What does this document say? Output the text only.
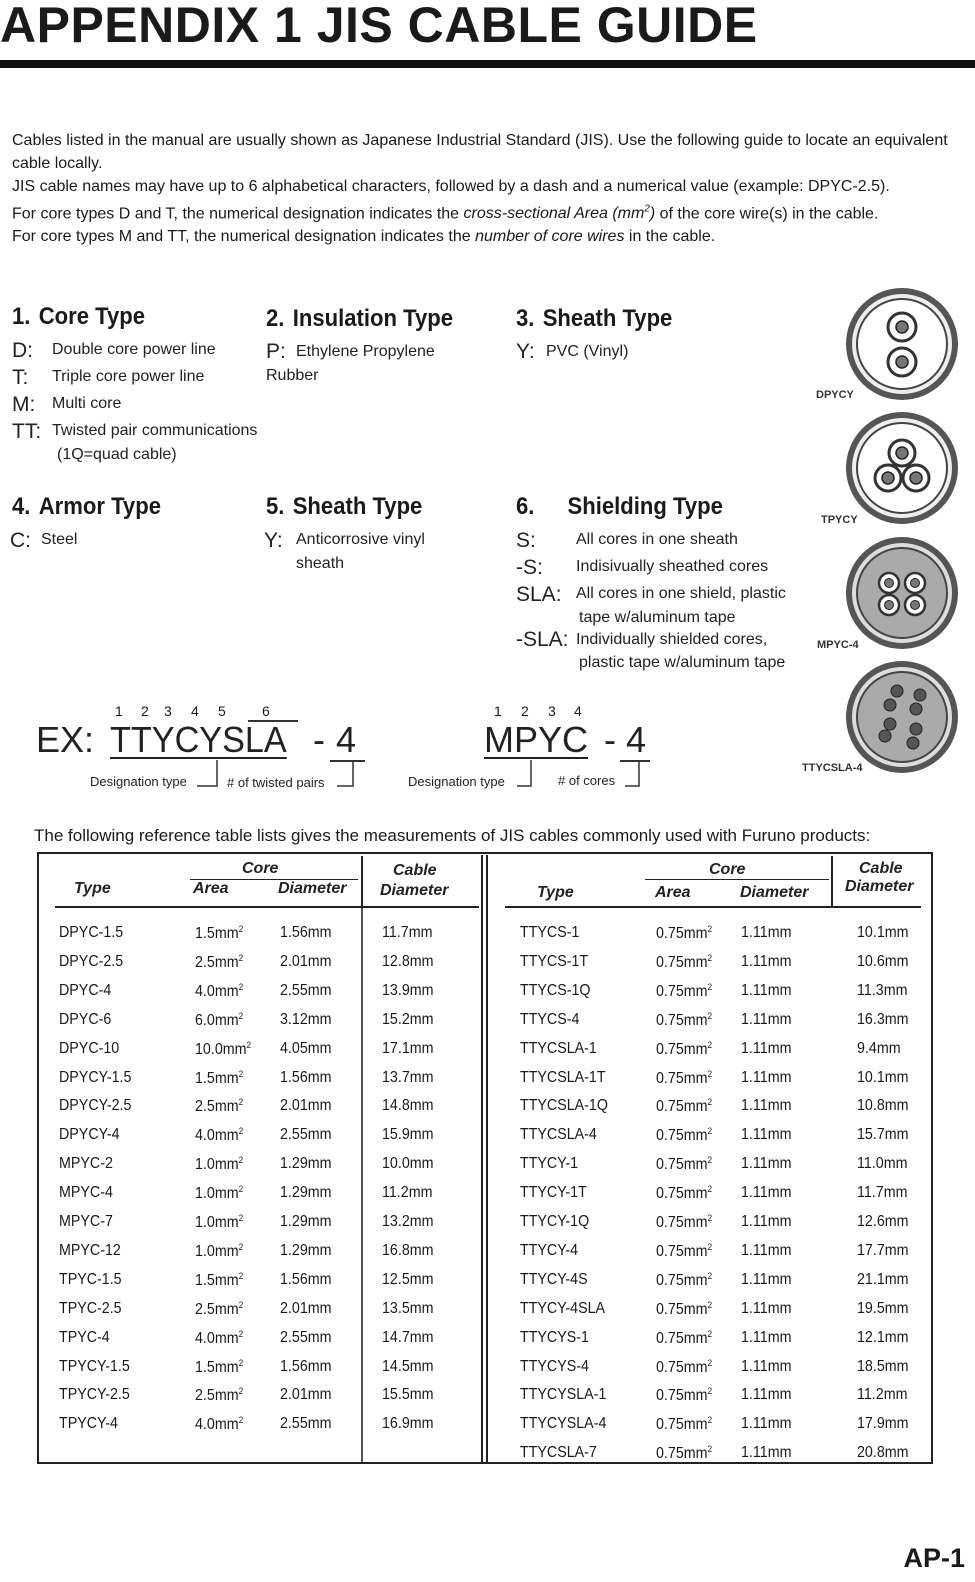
APPENDIX 1 JIS CABLE GUIDE

Cables listed in the manual are usually shown as Japanese Industrial Standard (JIS). Use the following guide to locate an equivalent cable locally.

JIS cable names may have up to 6 alphabetical characters, followed by a dash and a numerical value (example: DPYC-2.5).

For core types D and T, the numerical designation indicates the cross-sectional Area $(mm^2)$ of the core wire(s) in the cable.

For core types M and TT, the numerical designation indicates the number of core wires in the cable.

1. Core Type
D: Double core power line
T: Triple core power line
M: Multi core
TT: Twisted pair communications
(1Q=quad cable)
2. Insulation Type
P: Ethylene Propylene
Rubber
3. Sheath Type
Y: PVC (Vinyl)
4. Armor Type
C: Steel
5. Sheath Type
Y: Anticorrosive vinyl
sheath
6. Shielding Type
S:	All cores in one sheath
-S: Indisivually sheathed cores
SLA: All cores in one shield, plastic
tape w/aluminum tape
-SLA: Individually shielded cores,
plastic tape w/aluminum tape
DPYCY
TPYCY
MPYC-4
TTYCSLA-4
1 2 3 4 5	6
EX: TTYCYSLA - 4
Designation type	# of twisted pairs
1 2 3 4
MPYC - 4
Designation type	# of cores
The following reference table lists gives the measurements of JIS cables commonly used with Furuno products:
Core
Type	Area	Diameter
Cable
Diameter
Core
Type	Area	Diameter
Cable
Diameter
DPYC-1.5	$1.5mm^2$ 1.56mm	11.7mm
DPYC-2.5	$2.5mm^2$ 2.01mm	12.8mm
DPYC-4	$4.0mm^2$ 2.55mm	13.9mm
DPYC-6	$6.0mm^2$ 3.12mm	15.2mm
DPYC-10	$10.0mm^2$ 4.05mm	17.1mm
DPYCY-1.5	$1.5mm^2$ 1.56mm	13.7mm
DPYCY-2.5	$2.5mm^2$ 2.01mm	14.8mm
DPYCY-4	$4.0mm^2$ 2.55mm	15.9mm
MPYC-2	$1.0mm^2$ 1.29mm	10.0mm
MPYC-4	$1.0mm^2$ 1.29mm	11.2mm
MPYC-7	$1.0mm^2$ 1.29mm	13.2mm
MPYC-12	$1.0mm^2$ 1.29mm	16.8mm
TPYC-1.5	$1.5mm^2$ 1.56mm	12.5mm
TPYC-2.5	$2.5mm^2$ 2.01mm	13.5mm
TPYC-4	$4.0mm^2$ 2.55mm	14.7mm
TPYCY-1.5	$1.5mm^2$ 1.56mm	14.5mm
TPYCY-2.5	$2.5mm^2$ 2.01mm	15.5mm
TPYCY-4	$4.0mm^2$ 2.55mm	16.9mm
TTYCS-1	$0.75mm^2$ 1.11mm	10.1mm
TTYCS-1T	$0.75mm^2$ 1.11mm	10.6mm
TTYCS-1Q	$0.75mm^2$ 1.11mm	11.3mm
TTYCS-4	$0.75mm^2$ 1.11mm	16.3mm
TTYCSLA-1	$0.75mm^2$ 1.11mm	9.4mm
TTYCSLA-1T	$0.75mm^2$ 1.11mm	10.1mm
TTYCSLA-1Q	$0.75mm^2$ 1.11mm	10.8mm
TTYCSLA-4	$0.75mm^2$ 1.11mm	15.7mm
TTYCY-1	$0.75mm^2$ 1.11mm	11.0mm
TTYCY-1T	$0.75mm^2$ 1.11mm	11.7mm
TTYCY-1Q	$0.75mm^2$ 1.11mm	12.6mm
TTYCY-4	$0.75mm^2$ 1.11mm	17.7mm
TTYCY-4S	$0.75mm^2$ 1.11mm	21.1mm
TTYCY-4SLA	$0.75mm^2$ 1.11mm	19.5mm
TTYCYS-1	$0.75mm^2$ 1.11mm	12.1mm
TTYCYS-4	$0.75mm^2$ 1.11mm	18.5mm
TTYCYSLA-1	$0.75mm^2$ 1.11mm	11.2mm
TTYCYSLA-4	$0.75mm^2$ 1.11mm	17.9mm
TTYCSLA-7	$0.75mm^2$ 1.11mm	20.8mm
AP-1
